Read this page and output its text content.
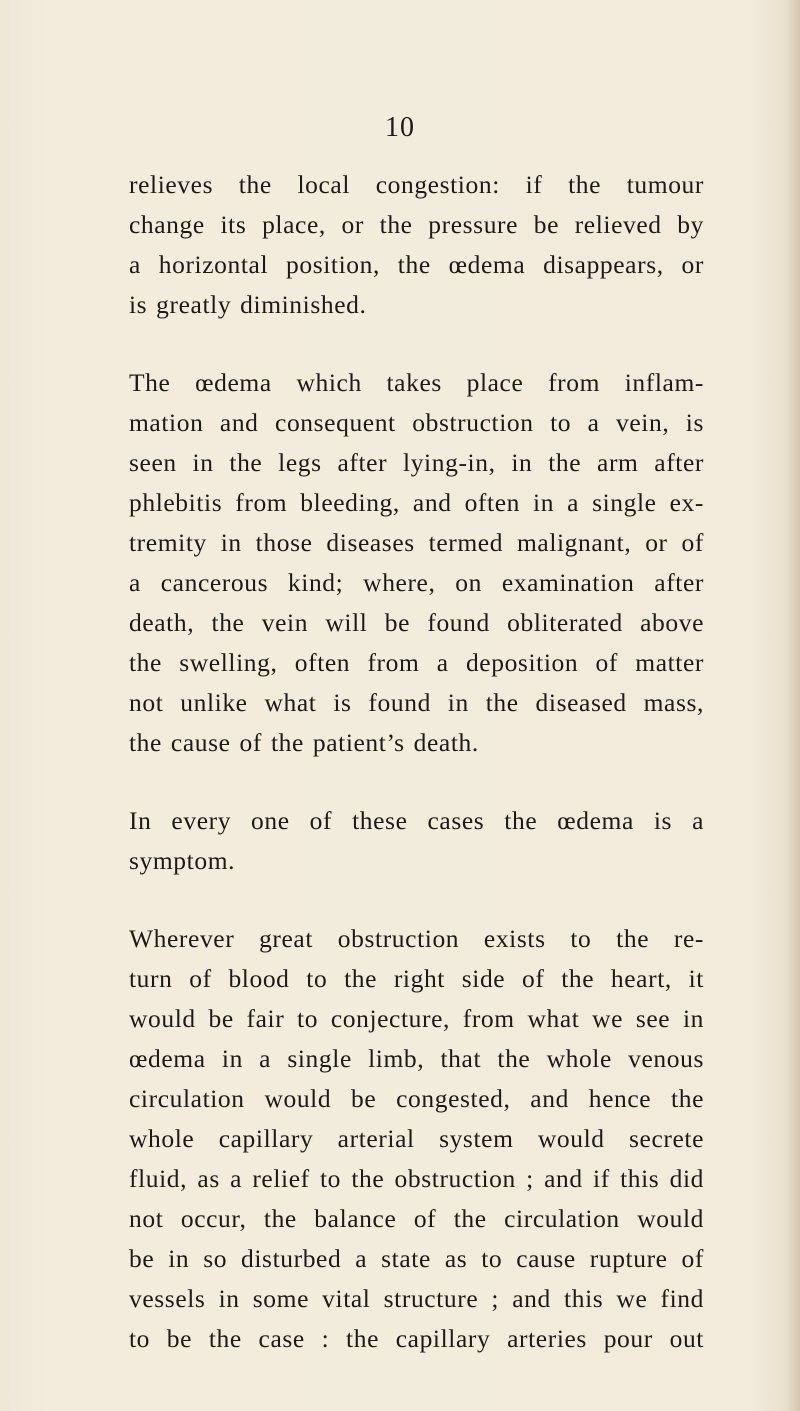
10
relieves the local congestion: if the tumour
change its place, or the pressure be relieved by
a horizontal position, the œdema disappears, or
is greatly diminished.
The œdema which takes place from inflam-
mation and consequent obstruction to a vein, is
seen in the legs after lying-in, in the arm after
phlebitis from bleeding, and often in a single ex-
tremity in those diseases termed malignant, or of
a cancerous kind; where, on examination after
death, the vein will be found obliterated above
the swelling, often from a deposition of matter
not unlike what is found in the diseased mass,
the cause of the patient’s death.
In every one of these cases the œdema is a
symptom.
Wherever great obstruction exists to the re-
turn of blood to the right side of the heart, it
would be fair to conjecture, from what we see in
œdema in a single limb, that the whole venous
circulation would be congested, and hence the
whole capillary arterial system would secrete
fluid, as a relief to the obstruction ; and if this did
not occur, the balance of the circulation would
be in so disturbed a state as to cause rupture of
vessels in some vital structure ; and this we find
to be the case : the capillary arteries pour out
